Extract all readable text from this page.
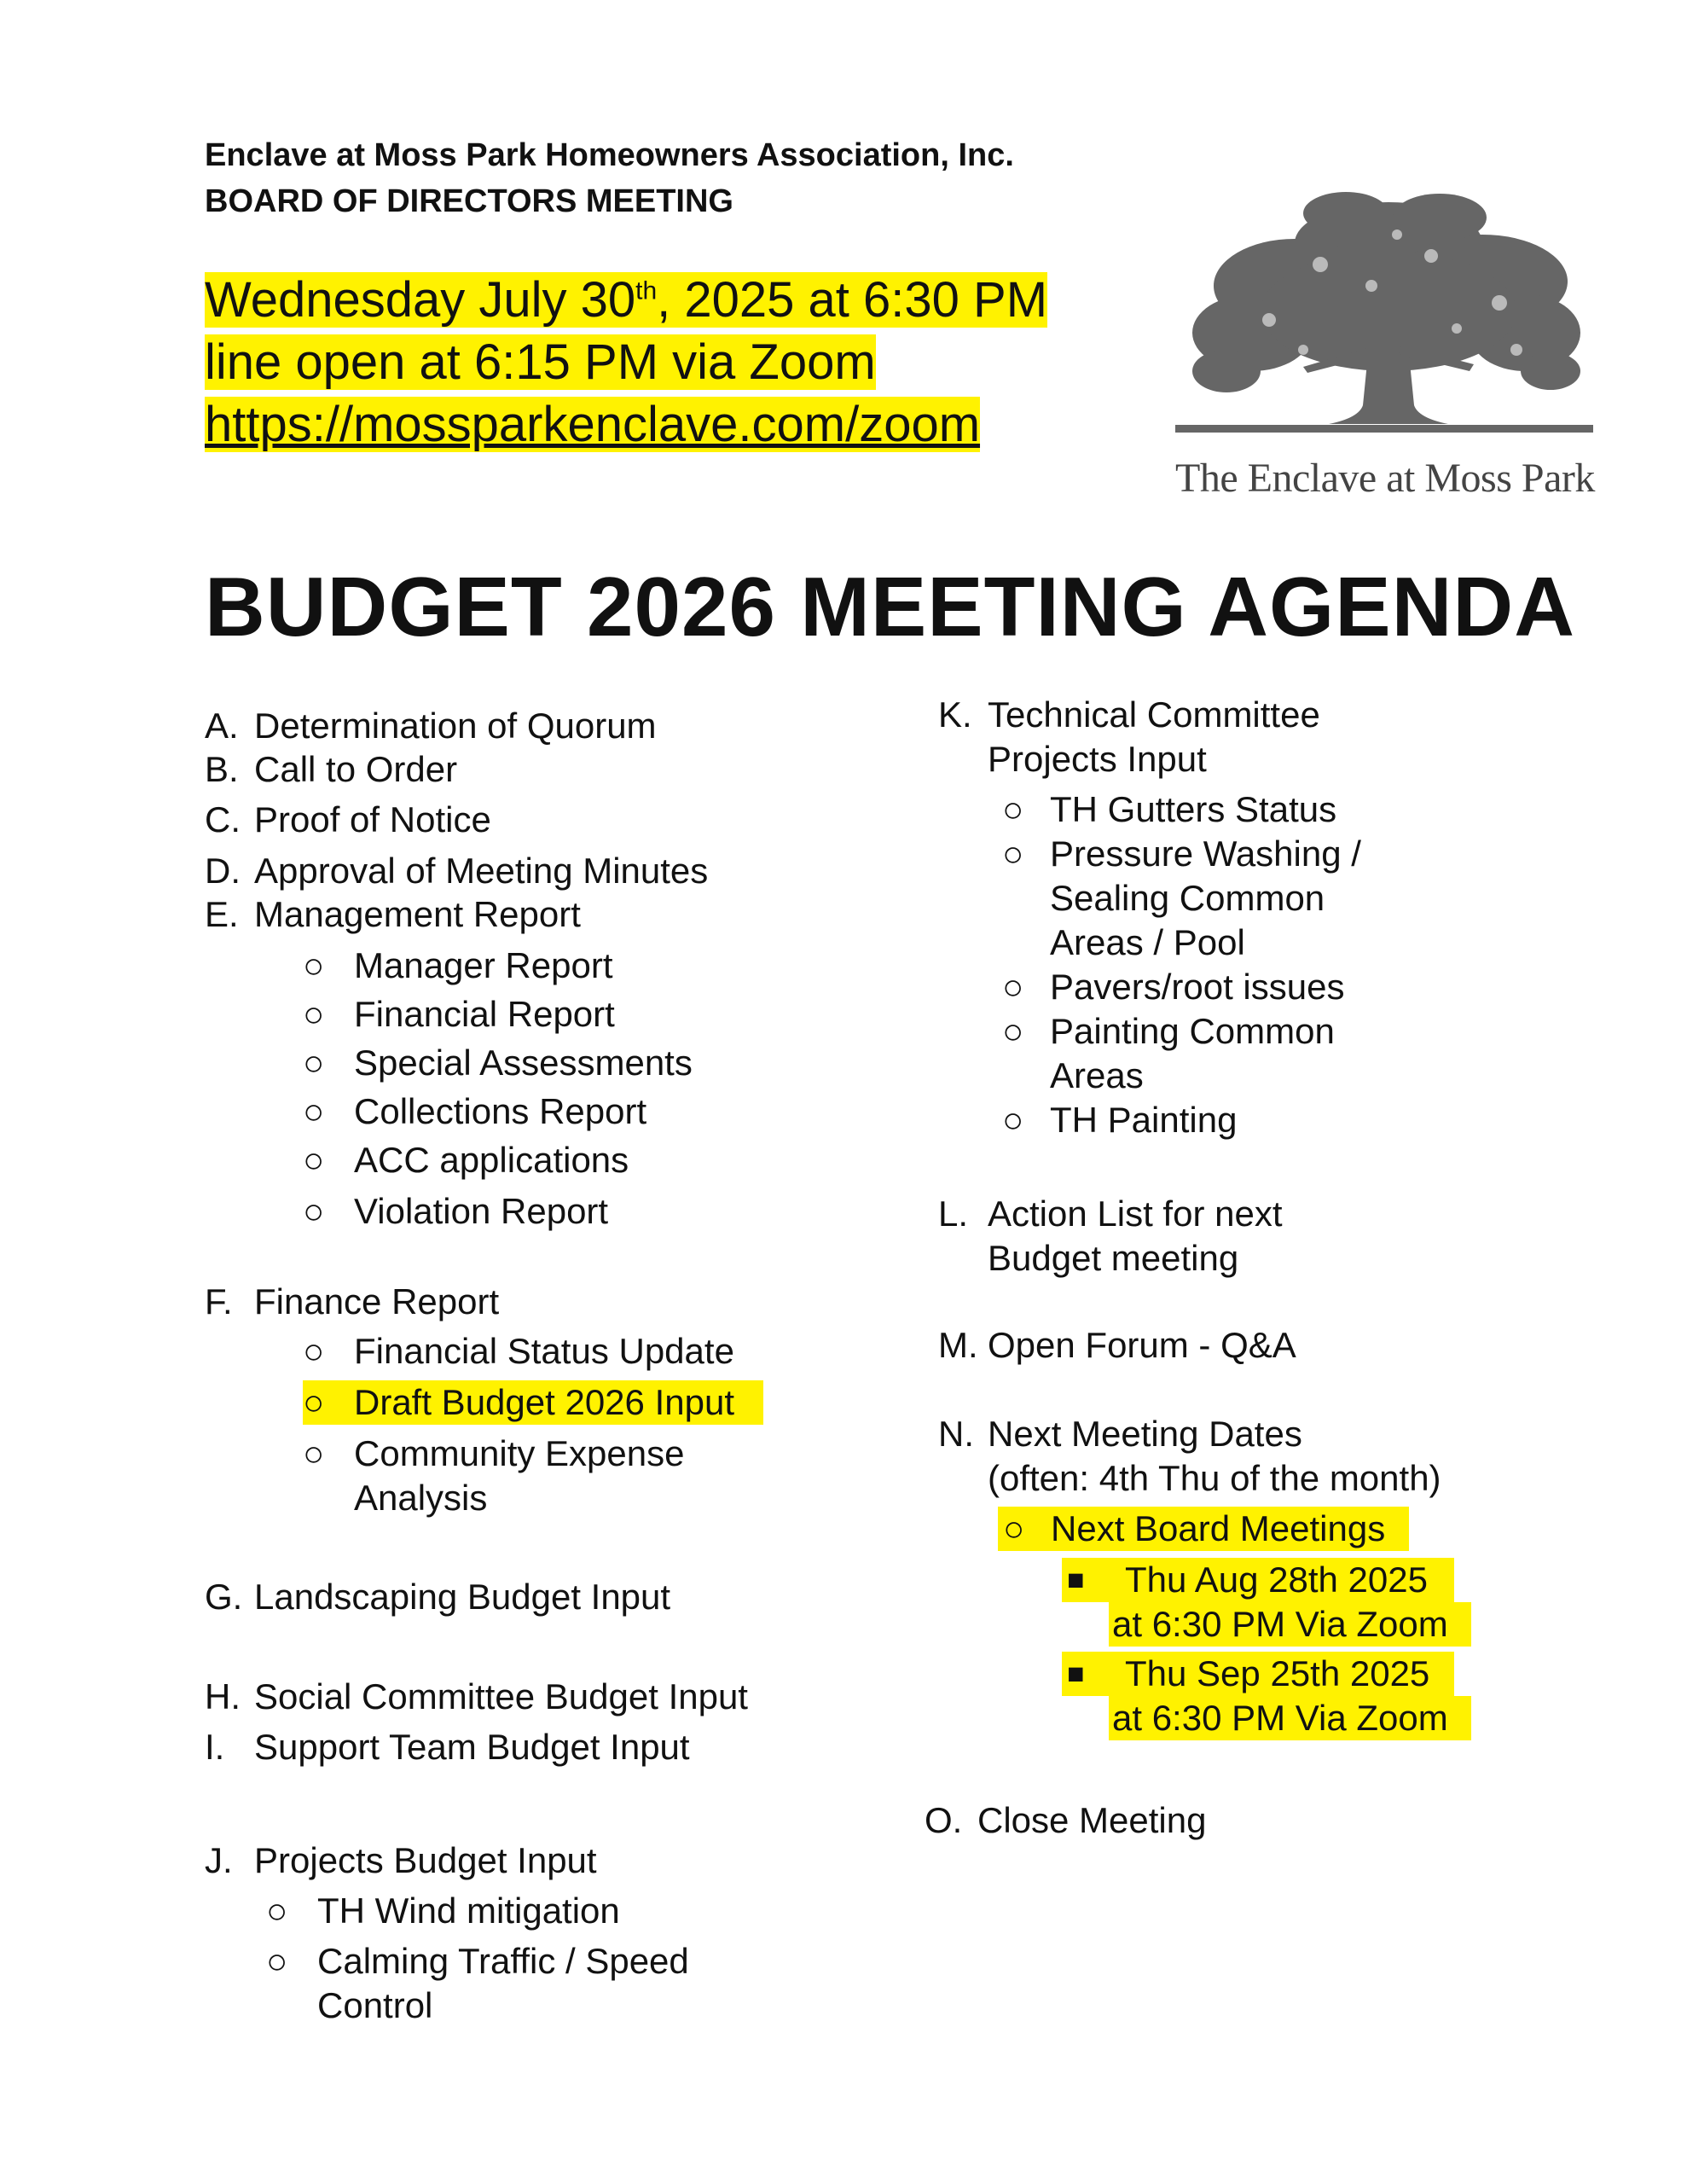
Enclave at Moss Park Homeowners Association, Inc.
BOARD OF DIRECTORS MEETING
Wednesday July 30th, 2025 at 6:30 PM
line open at 6:15 PM via Zoom
https://mossparkenclave.com/zoom
The Enclave at Moss Park
BUDGET 2026 MEETING AGENDA
A. Determination of Quorum
B. Call to Order
C. Proof of Notice
D. Approval of Meeting Minutes
E. Management Report
○ Manager Report
○ Financial Report
○ Special Assessments
○ Collections Report
○ ACC applications
○ Violation Report
F. Finance Report
○ Financial Status Update
○ Draft Budget 2026 Input
○ Community Expense
Analysis
G. Landscaping Budget Input
H. Social Committee Budget Input
I. Support Team Budget Input
J. Projects Budget Input
○ TH Wind mitigation
○ Calming Traffic / Speed
Control
K. Technical Committee
Projects Input
○ TH Gutters Status
○ Pressure Washing /
Sealing Common
Areas / Pool
○ Pavers/root issues
○ Painting Common
Areas
○ TH Painting
L. Action List for next
Budget meeting
M. Open Forum - Q&A
N. Next Meeting Dates
(often: 4th Thu of the month)
○ Next Board Meetings
■ Thu Aug 28th 2025
at 6:30 PM Via Zoom
■ Thu Sep 25th 2025
at 6:30 PM Via Zoom
O. Close Meeting
